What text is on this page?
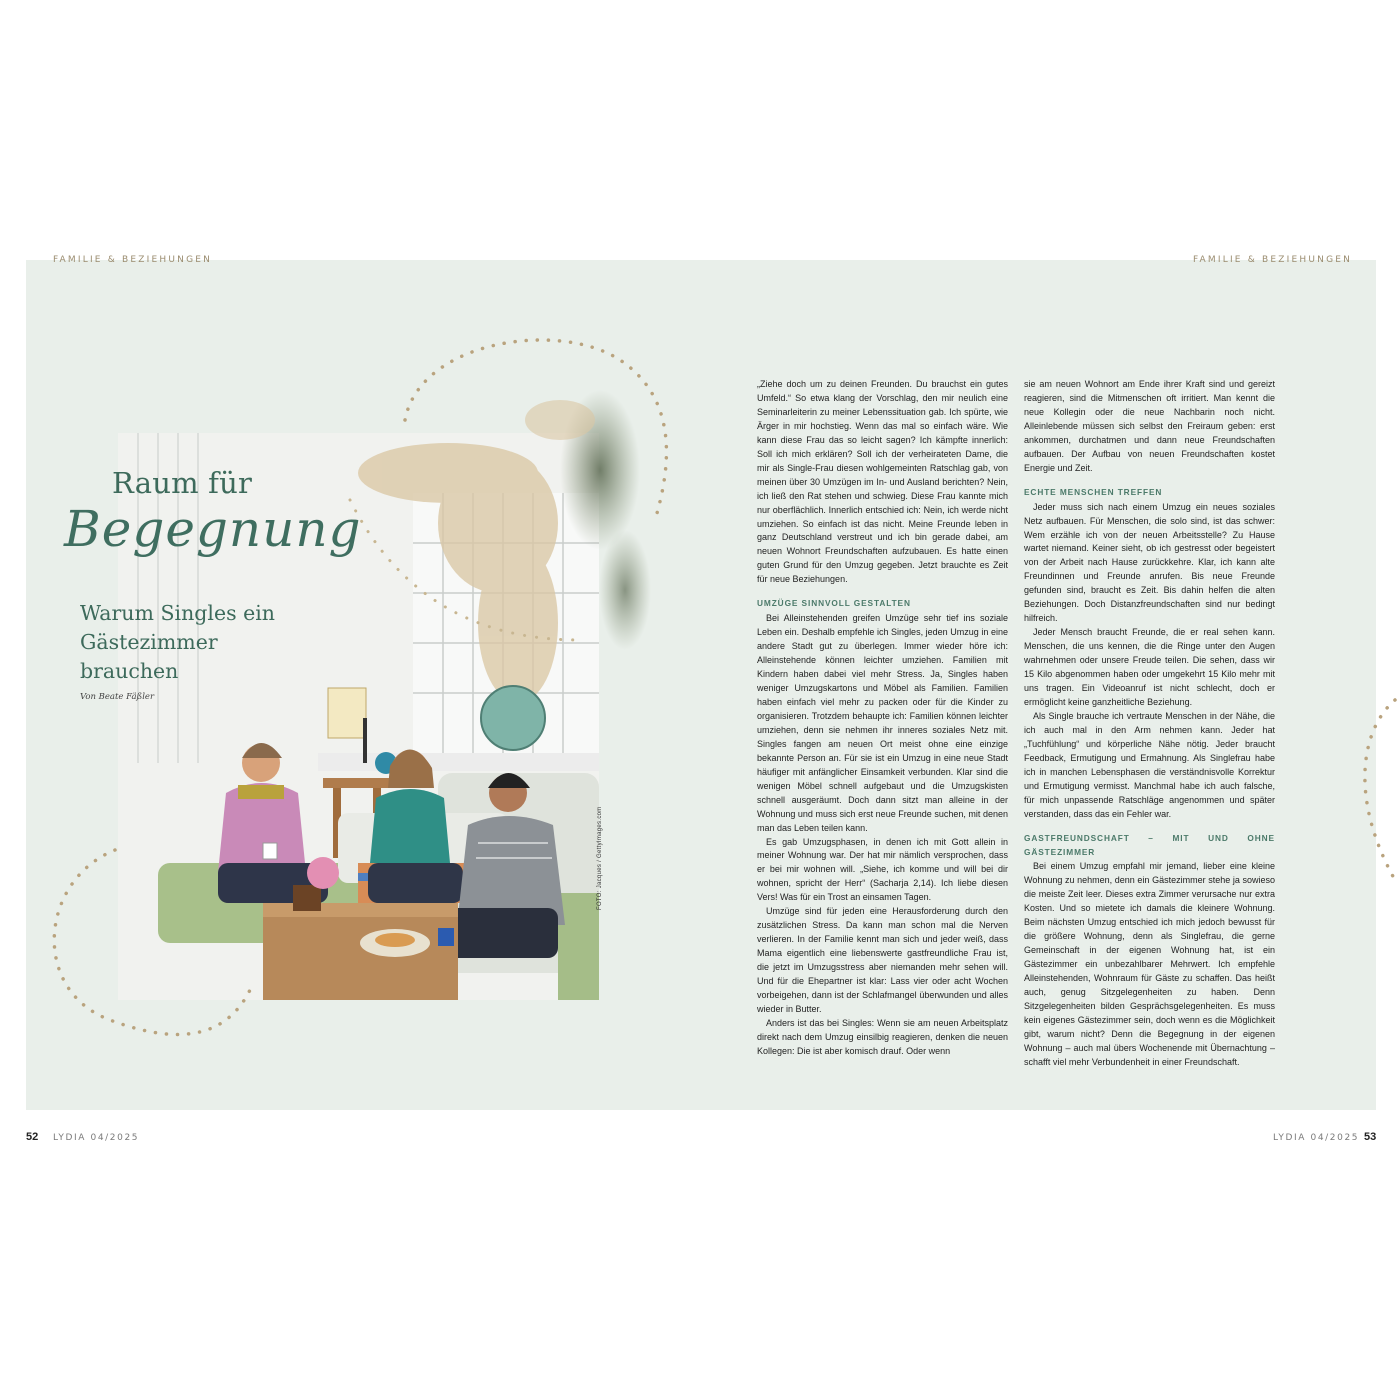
FAMILIE & BEZIEHUNGEN	FAMILIE & BEZIEHUNGEN
FOTO: Jacques / GettyImages.com
Raum für
Begegnung
Warum Singles ein Gästezimmer brauchen
Von Beate Fäßler

„Ziehe doch um zu deinen Freunden. Du brauchst ein gutes Umfeld.“ So etwa klang der Vorschlag, den mir neulich eine Seminarleiterin zu meiner Lebenssituation gab. Ich spürte, wie Ärger in mir hochstieg. Wenn das mal so einfach wäre. Wie kann diese Frau das so leicht sagen? Ich kämpfte innerlich: Soll ich mich erklären? Soll ich der verheirateten Dame, die mir als Single-Frau diesen wohlgemeinten Ratschlag gab, von meinen über 30 Umzügen im In- und Ausland berichten? Nein, ich ließ den Rat stehen und schwieg. Diese Frau kannte mich nur oberflächlich. Innerlich entschied ich: Nein, ich werde nicht umziehen. So einfach ist das nicht. Meine Freunde leben in ganz Deutschland verstreut und ich bin gerade dabei, am neuen Wohnort Freundschaften aufzubauen. Es hatte einen guten Grund für den Umzug gegeben. Jetzt brauchte es Zeit für neue Beziehungen.

UMZÜGE SINNVOLL GESTALTEN

Bei Alleinstehenden greifen Umzüge sehr tief ins soziale Leben ein. Deshalb empfehle ich Singles, jeden Umzug in eine andere Stadt gut zu überlegen. Immer wieder höre ich: Alleinstehende können leichter umziehen. Familien mit Kindern haben dabei viel mehr Stress. Ja, Singles haben weniger Umzugskartons und Möbel als Familien. Familien haben einfach viel mehr zu packen oder für die Kinder zu organisieren. Trotzdem behaupte ich: Familien können leichter umziehen, denn sie nehmen ihr inneres soziales Netz mit. Singles fangen am neuen Ort meist ohne eine einzige bekannte Person an. Für sie ist ein Umzug in eine neue Stadt häufiger mit anfänglicher Einsamkeit verbunden. Klar sind die wenigen Möbel schnell aufgebaut und die Umzugskisten schnell ausgeräumt. Doch dann sitzt man alleine in der Wohnung und muss sich erst neue Freunde suchen, mit denen man das Leben teilen kann.

Es gab Umzugsphasen, in denen ich mit Gott allein in meiner Wohnung war. Der hat mir nämlich versprochen, dass er bei mir wohnen will. „Siehe, ich komme und will bei dir wohnen, spricht der Herr“ (Sacharja 2,14). Ich liebe diesen Vers! Was für ein Trost an einsamen Tagen.

Umzüge sind für jeden eine Herausforderung durch den zusätzlichen Stress. Da kann man schon mal die Nerven verlieren. In der Familie kennt man sich und jeder weiß, dass Mama eigentlich eine liebenswerte gastfreundliche Frau ist, die jetzt im Umzugsstress aber niemanden mehr sehen will. Und für die Ehepartner ist klar: Lass vier oder acht Wochen vorbeigehen, dann ist der Schlafmangel überwunden und alles wieder in Butter.

Anders ist das bei Singles: Wenn sie am neuen Arbeitsplatz direkt nach dem Umzug einsilbig reagieren, denken die neuen Kollegen: Die ist aber komisch drauf. Oder wenn

sie am neuen Wohnort am Ende ihrer Kraft sind und gereizt reagieren, sind die Mitmenschen oft irritiert. Man kennt die neue Kollegin oder die neue Nachbarin noch nicht. Alleinlebende müssen sich selbst den Freiraum geben: erst ankommen, durchatmen und dann neue Freundschaften aufbauen. Der Aufbau von neuen Freundschaften kostet Energie und Zeit.

ECHTE MENSCHEN TREFFEN

Jeder muss sich nach einem Umzug ein neues soziales Netz aufbauen. Für Menschen, die solo sind, ist das schwer: Wem erzähle ich von der neuen Arbeitsstelle? Zu Hause wartet niemand. Keiner sieht, ob ich gestresst oder begeistert von der Arbeit nach Hause zurückkehre. Klar, ich kann alte Freundinnen und Freunde anrufen. Bis neue Freunde gefunden sind, braucht es Zeit. Bis dahin helfen die alten Beziehungen. Doch Distanzfreundschaften sind nur bedingt hilfreich.

Jeder Mensch braucht Freunde, die er real sehen kann. Menschen, die uns kennen, die die Ringe unter den Augen wahrnehmen oder unsere Freude teilen. Die sehen, dass wir 15 Kilo abgenommen haben oder umgekehrt 15 Kilo mehr mit uns tragen. Ein Videoanruf ist nicht schlecht, doch er ermöglicht keine ganzheitliche Beziehung.

Als Single brauche ich vertraute Menschen in der Nähe, die ich auch mal in den Arm nehmen kann. Jeder hat „Tuchfühlung“ und körperliche Nähe nötig. Jeder braucht Feedback, Ermutigung und Ermahnung. Als Singlefrau habe ich in manchen Lebensphasen die verständnisvolle Korrektur und Ermutigung vermisst. Manchmal habe ich auch falsche, für mich unpassende Ratschläge angenommen und später verstanden, dass das ein Fehler war.

GASTFREUNDSCHAFT – MIT UND OHNE GÄSTEZIMMER

Bei einem Umzug empfahl mir jemand, lieber eine kleine Wohnung zu nehmen, denn ein Gästezimmer stehe ja sowieso die meiste Zeit leer. Dieses extra Zimmer verursache nur extra Kosten. Und so mietete ich damals die kleinere Wohnung. Beim nächsten Umzug entschied ich mich jedoch bewusst für die größere Wohnung, denn als Singlefrau, die gerne Gemeinschaft in der eigenen Wohnung hat, ist ein Gästezimmer ein unbezahlbarer Mehrwert. Ich empfehle Alleinstehenden, Wohnraum für Gäste zu schaffen. Das heißt auch, genug Sitzgelegenheiten zu haben. Denn Sitzgelegenheiten bilden Gesprächsgelegenheiten. Es muss kein eigenes Gästezimmer sein, doch wenn es die Möglichkeit gibt, warum nicht? Denn die Begegnung in der eigenen Wohnung – auch mal übers Wochenende mit Übernachtung – schafft viel mehr Verbundenheit in einer Freundschaft.

52 LYDIA 04/2025	LYDIA 04/2025 53
